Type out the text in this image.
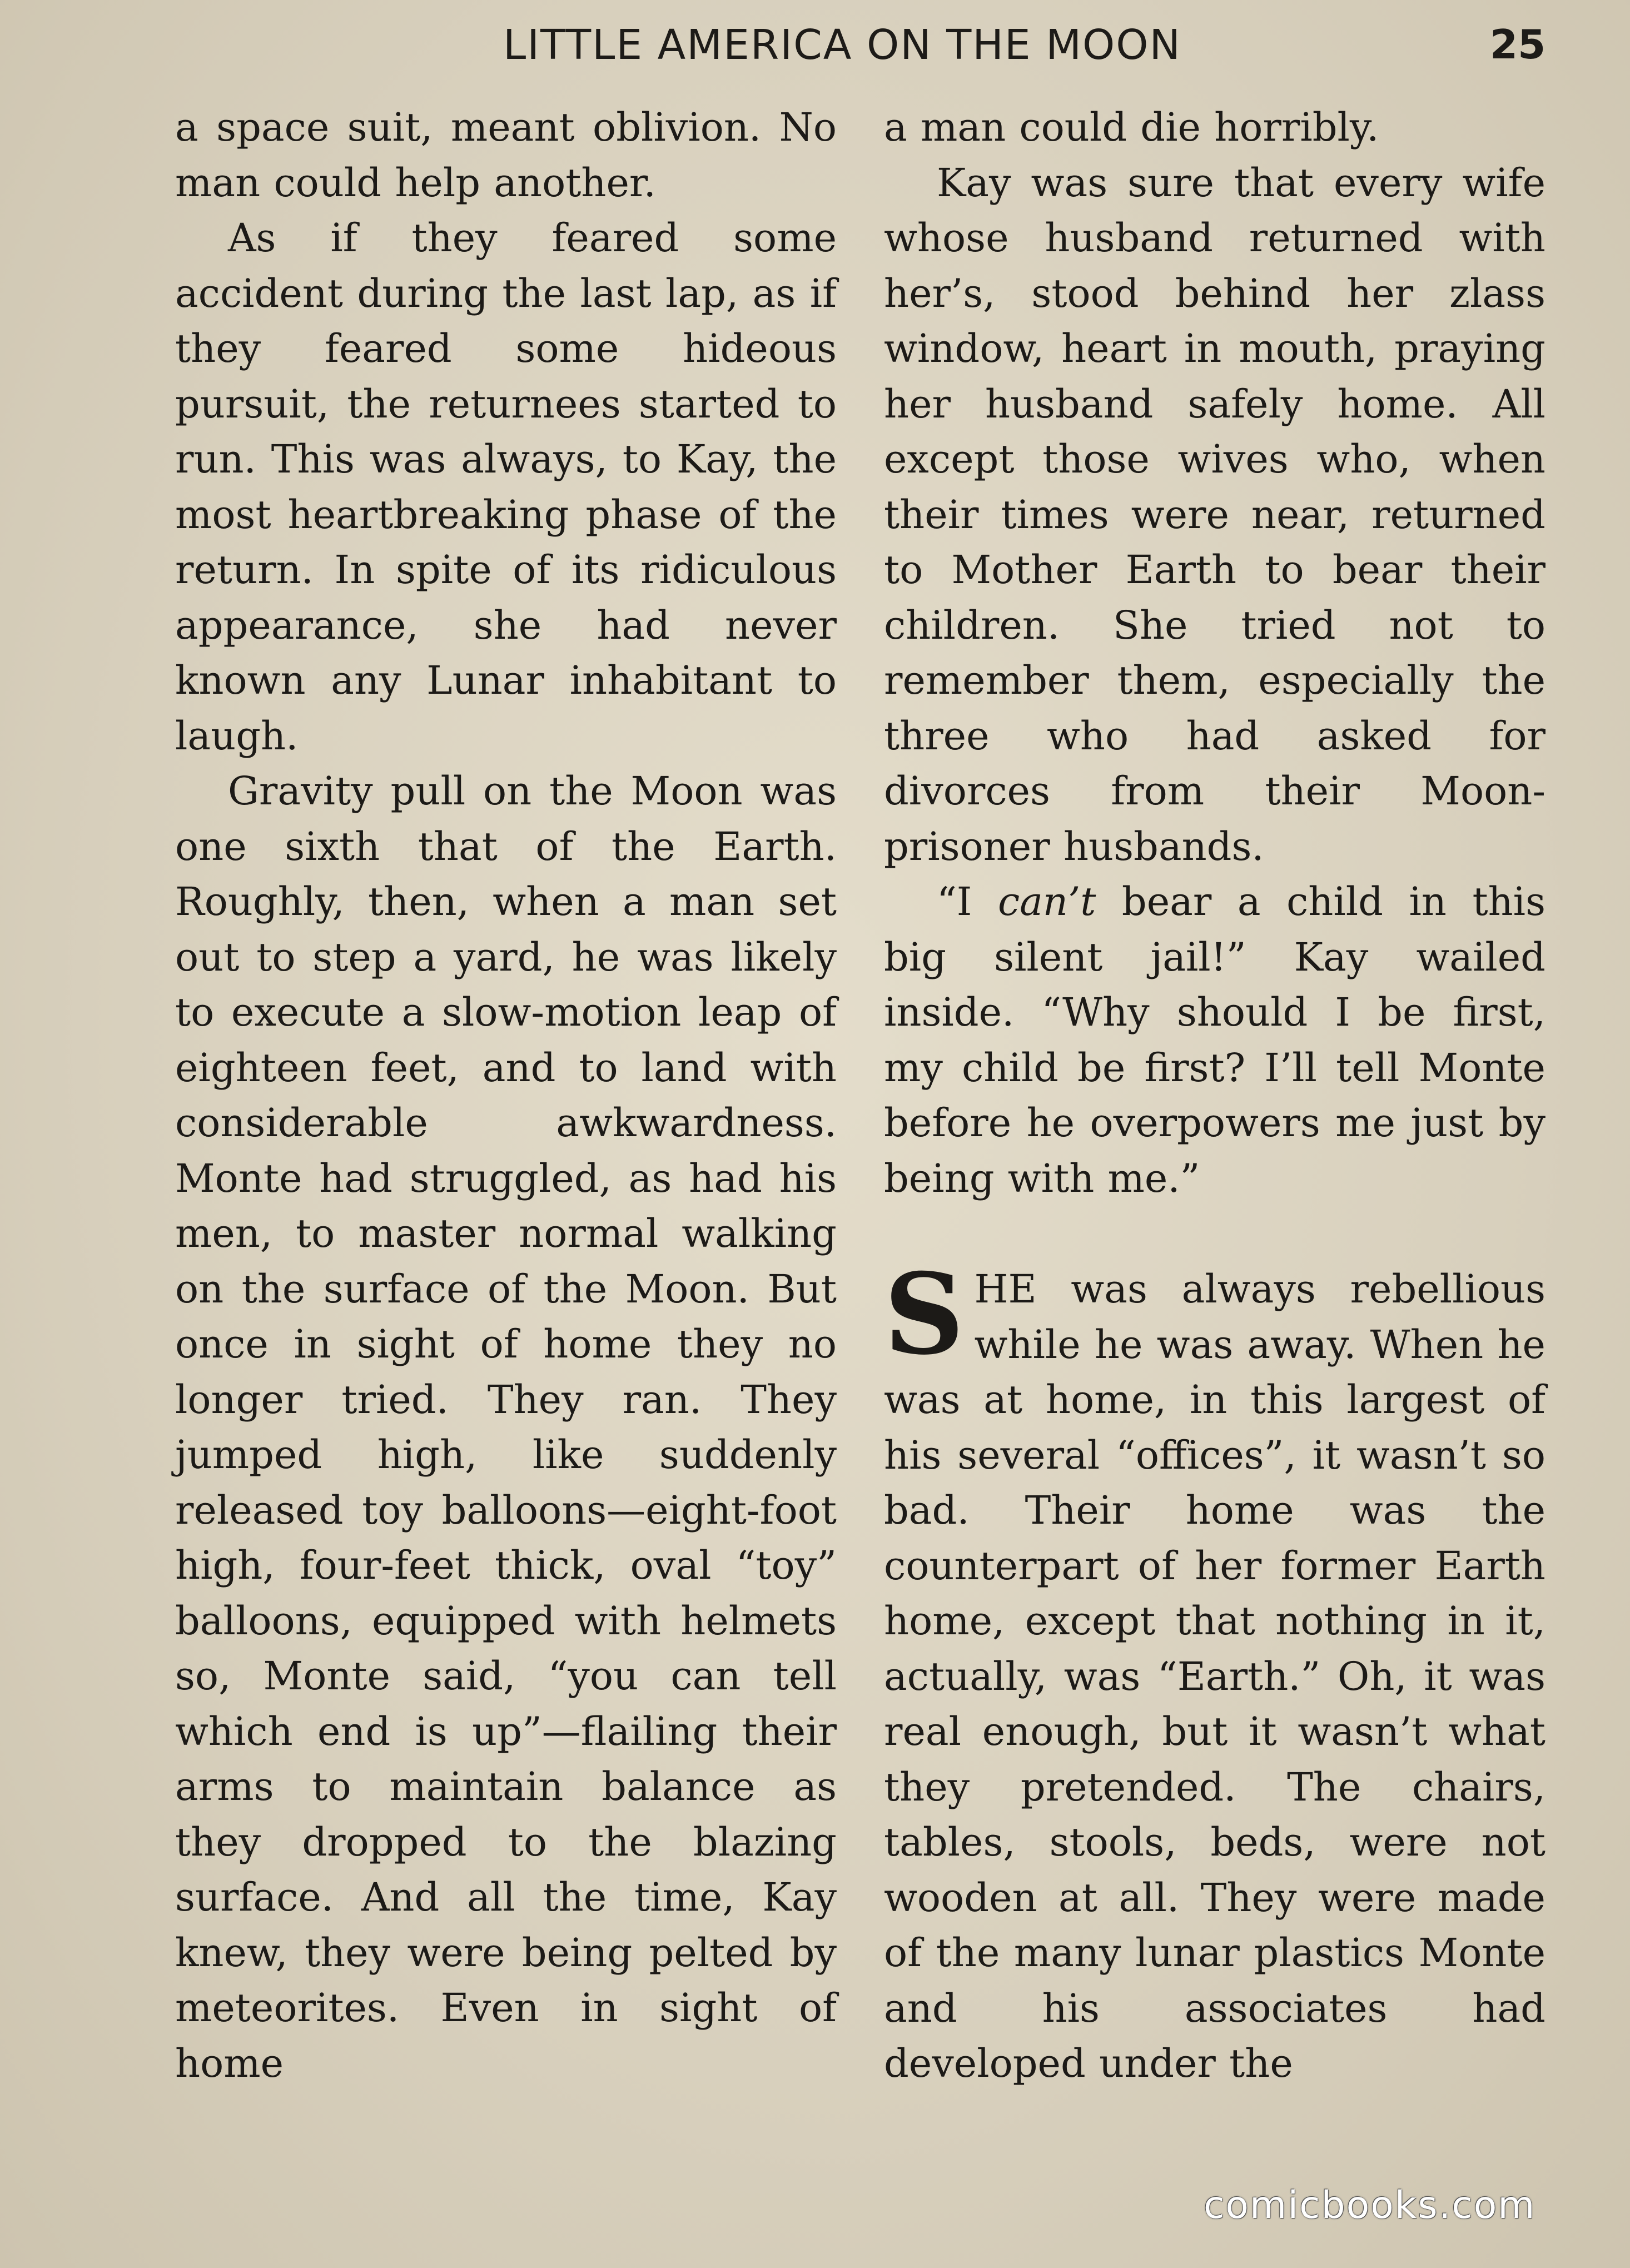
LITTLE AMERICA ON THE MOON	25

a space suit, meant oblivion. No man could help another.

As if they feared some accident during the last lap, as if they feared some hideous pursuit, the returnees started to run. This was always, to Kay, the most heartbreaking phase of the return. In spite of its ridiculous appearance, she had never known any Lunar inhabitant to laugh.

Gravity pull on the Moon was one sixth that of the Earth. Roughly, then, when a man set out to step a yard, he was likely to execute a slow-motion leap of eighteen feet, and to land with considerable awkwardness. Monte had struggled, as had his men, to master normal walking on the surface of the Moon. But once in sight of home they no longer tried. They ran. They jumped high, like suddenly released toy balloons—eight-foot high, four-feet thick, oval “toy” balloons, equipped with helmets so, Monte said, “you can tell which end is up”—flailing their arms to maintain balance as they dropped to the blazing surface. And all the time, Kay knew, they were being pelted by meteorites. Even in sight of home

a man could die horribly.

Kay was sure that every wife whose husband returned with her’s, stood behind her zlass window, heart in mouth, praying her husband safely home. All except those wives who, when their times were near, returned to Mother Earth to bear their children. She tried not to remember them, especially the three who had asked for divorces from their Moon-prisoner husbands.

“I can’t bear a child in this big silent jail!” Kay wailed inside. “Why should I be first, my child be first? I’ll tell Monte before he overpowers me just by being with me.”

SHE was always rebellious while he was away. When he was at home, in this largest of his several “offices”, it wasn’t so bad. Their home was the counterpart of her former Earth home, except that nothing in it, actually, was “Earth.” Oh, it was real enough, but it wasn’t what they pretended. The chairs, tables, stools, beds, were not wooden at all. They were made of the many lunar plastics Monte and his associates had developed under the

comicbooks.com
